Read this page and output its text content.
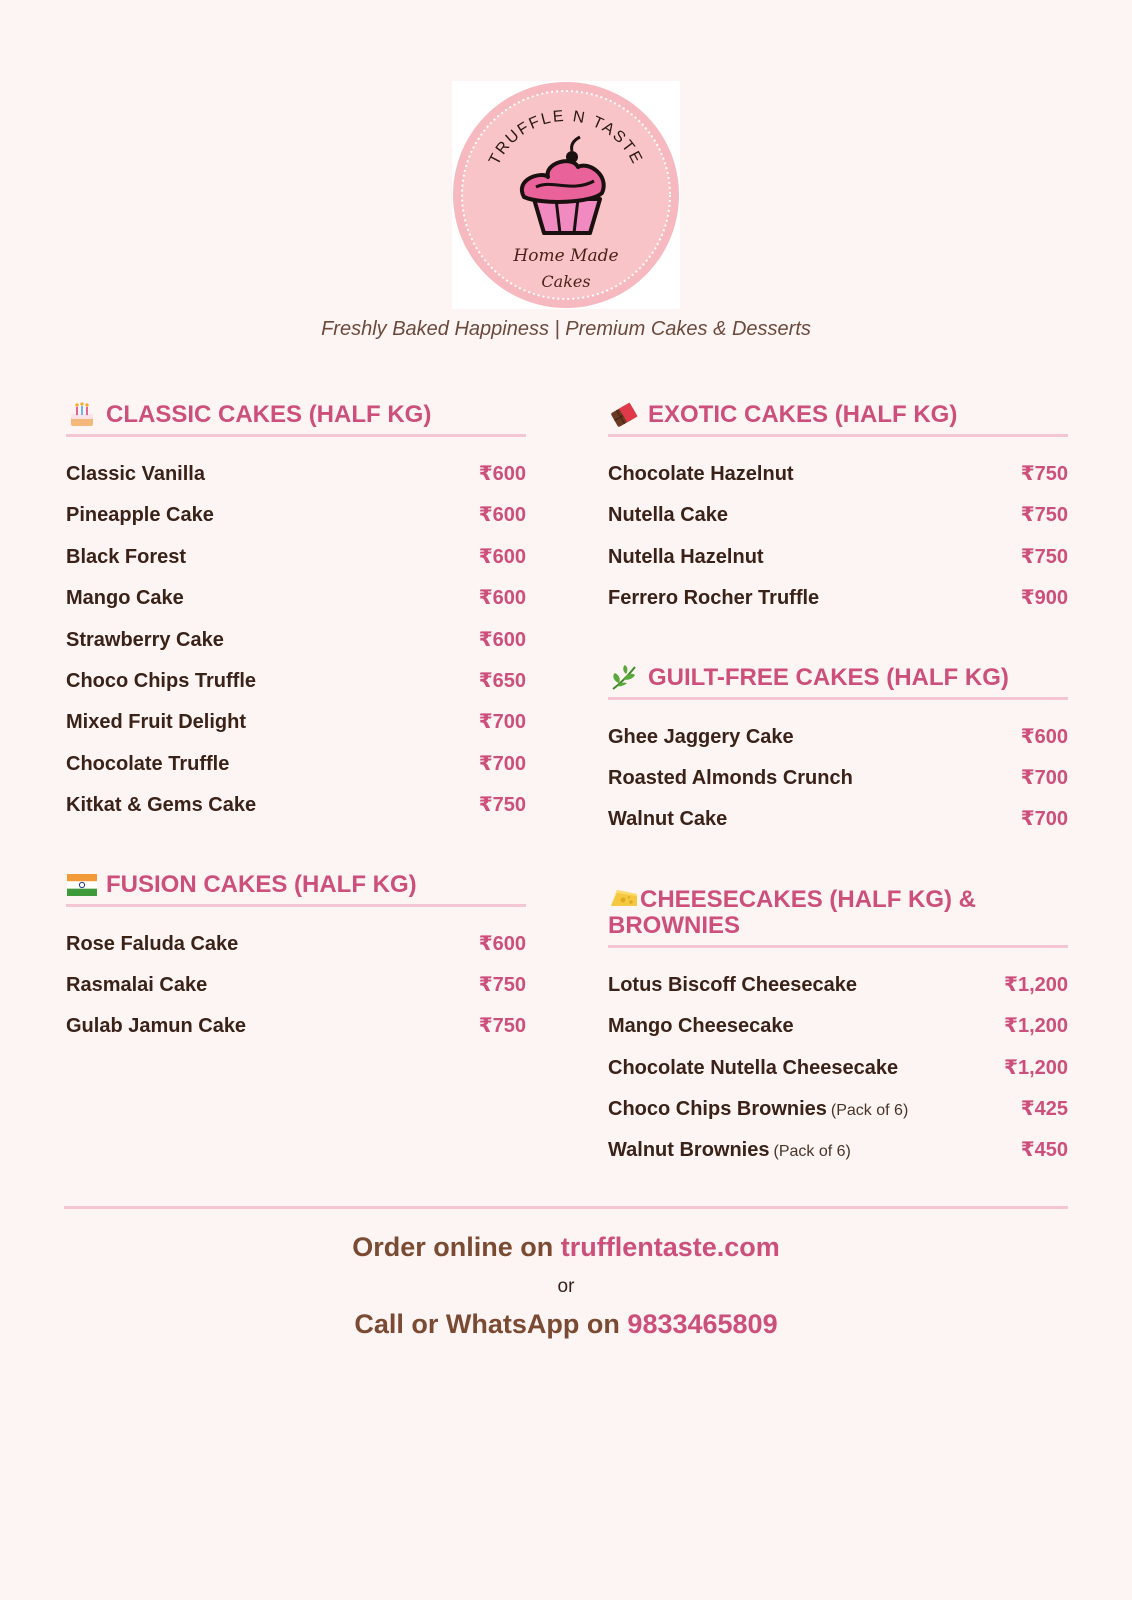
TRUFFLE N TASTE
Home Made
Cakes
Freshly Baked Happiness | Premium Cakes & Desserts
CLASSIC CAKES (HALF KG)
Classic Vanilla	₹600
Pineapple Cake	₹600
Black Forest	₹600
Mango Cake	₹600
Strawberry Cake	₹600
Choco Chips Truffle	₹650
Mixed Fruit Delight	₹700
Chocolate Truffle	₹700
Kitkat & Gems Cake	₹750
FUSION CAKES (HALF KG)
Rose Faluda Cake	₹600
Rasmalai Cake	₹750
Gulab Jamun Cake	₹750
EXOTIC CAKES (HALF KG)
Chocolate Hazelnut	₹750
Nutella Cake	₹750
Nutella Hazelnut	₹750
Ferrero Rocher Truffle	₹900
GUILT-FREE CAKES (HALF KG)
Ghee Jaggery Cake	₹600
Roasted Almonds Crunch	₹700
Walnut Cake	₹700
CHEESECAKES (HALF KG) & BROWNIES
Lotus Biscoff Cheesecake	₹1,200
Mango Cheesecake	₹1,200
Chocolate Nutella Cheesecake	₹1,200
Choco Chips Brownies (Pack of 6)	₹425
Walnut Brownies (Pack of 6)	₹450
Order online on trufflentaste.com
or
Call or WhatsApp on 9833465809
